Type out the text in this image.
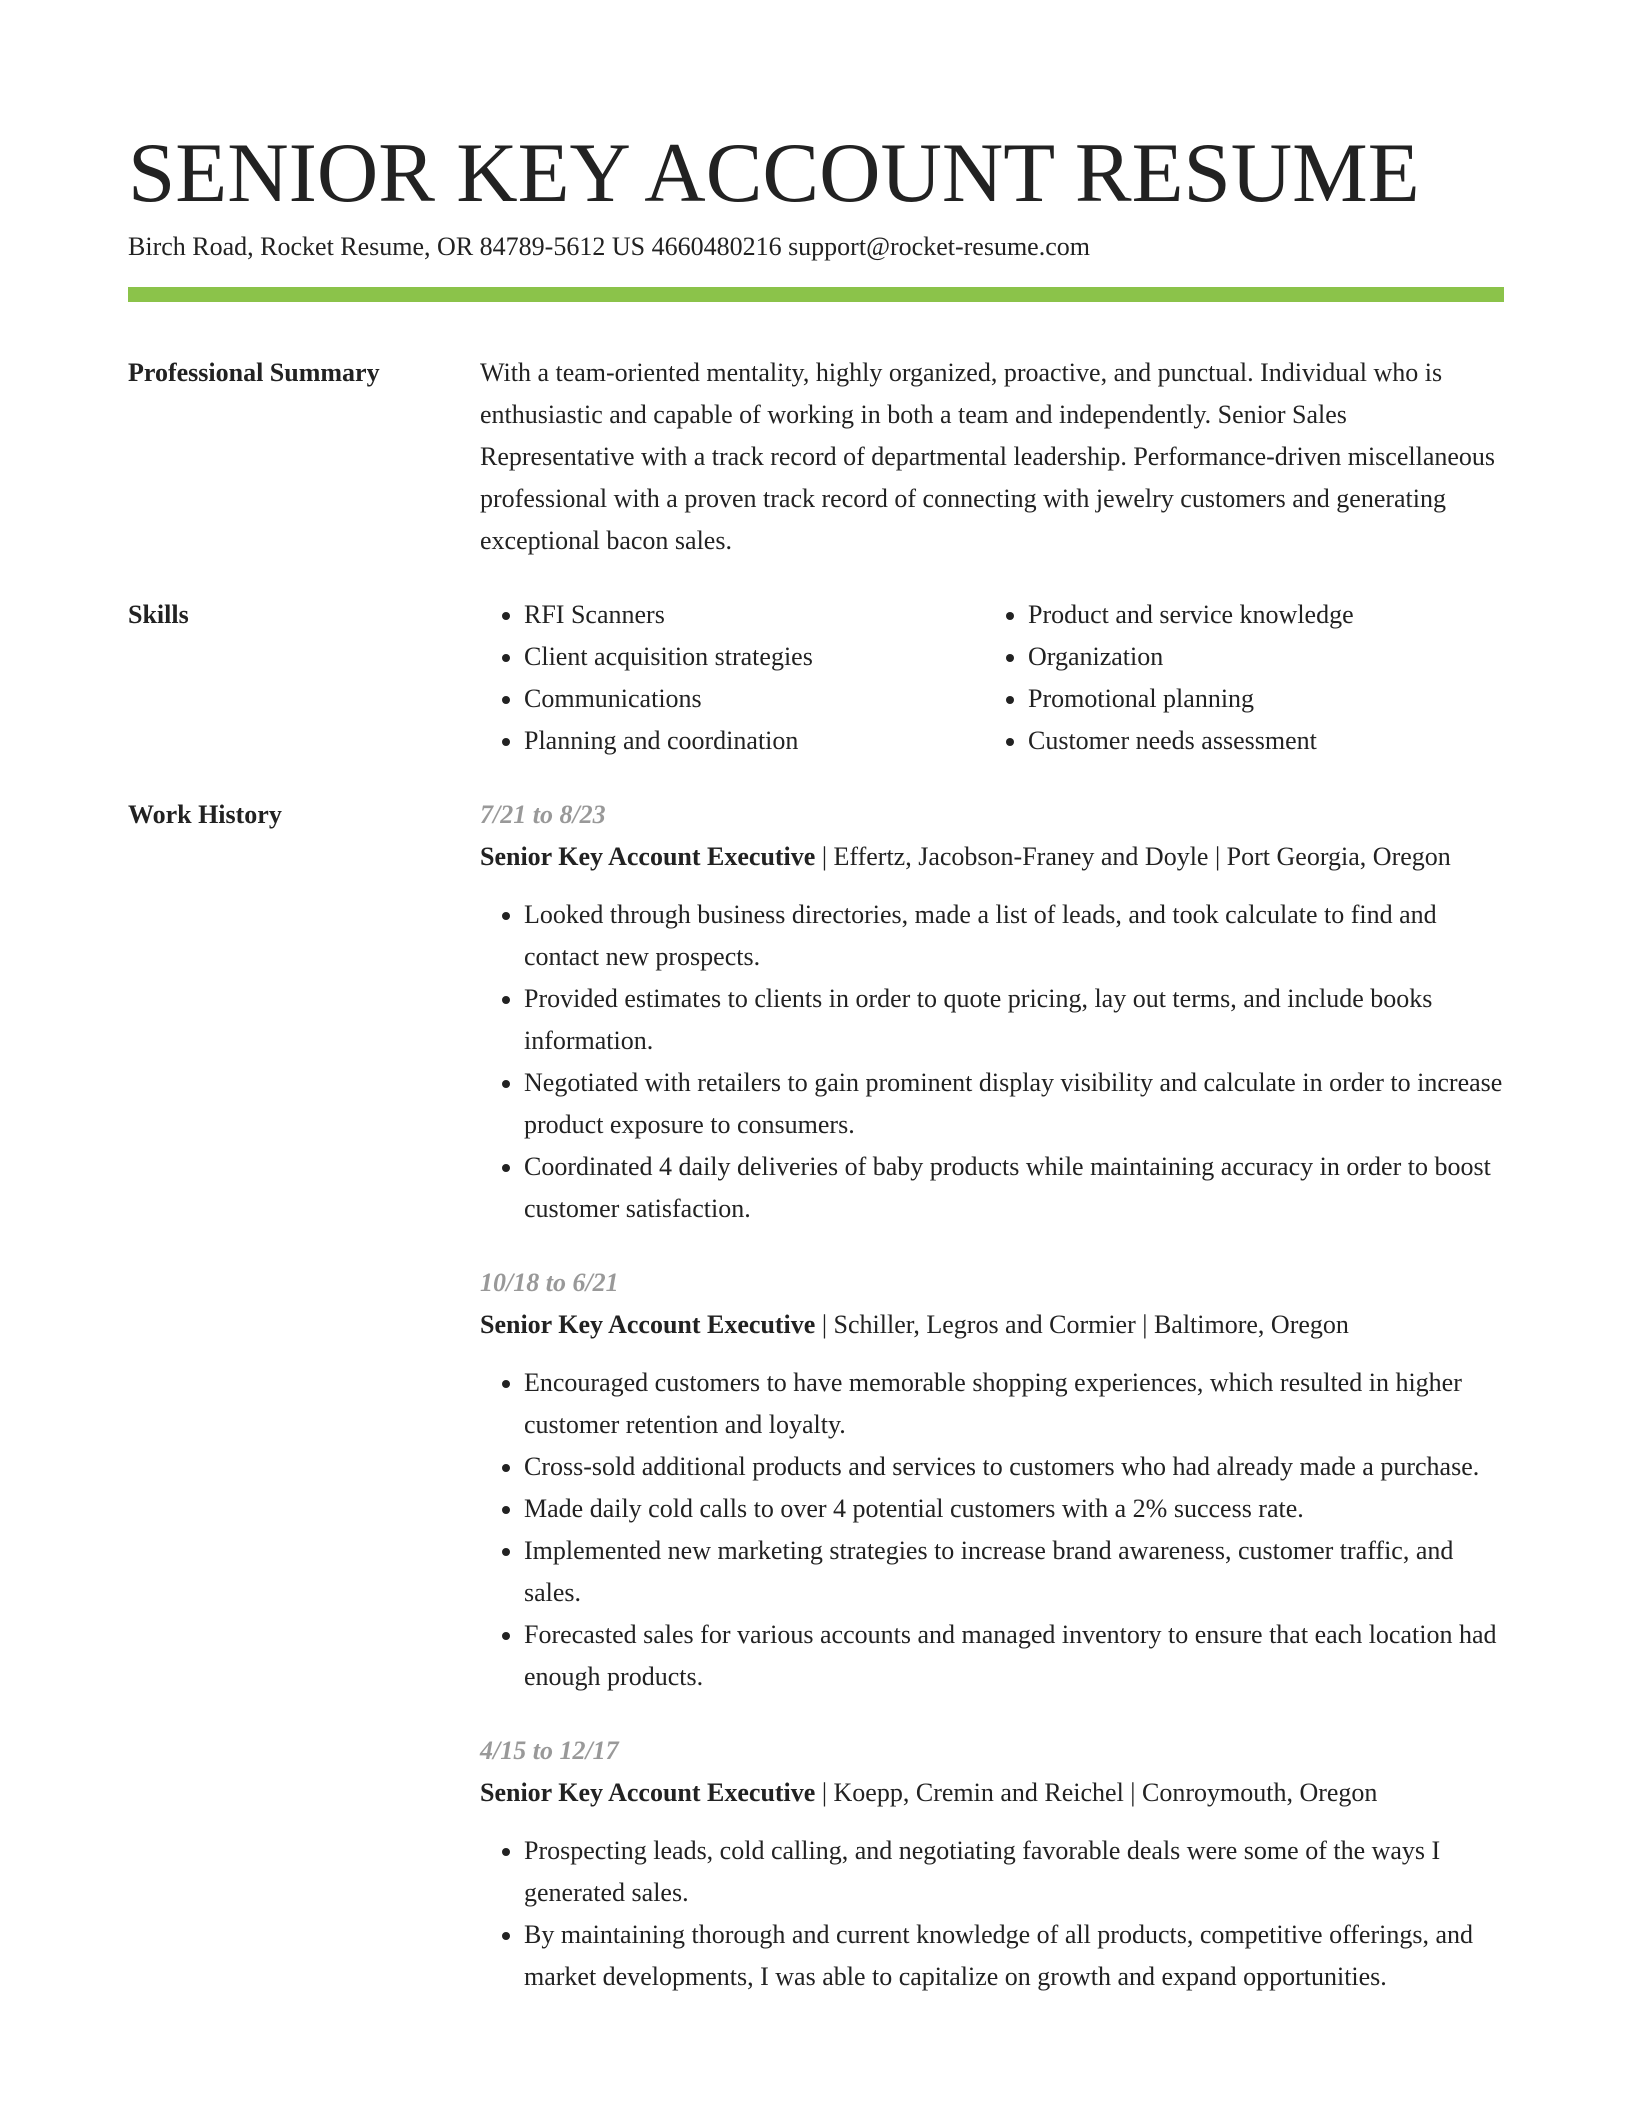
SENIOR KEY ACCOUNT RESUME
Birch Road, Rocket Resume, OR 84789-5612 US 4660480216 support@rocket-resume.com
Professional Summary	With a team-oriented mentality, highly organized, proactive, and punctual. Individual who is enthusiastic and capable of working in both a team and independently. Senior Sales Representative with a track record of departmental leadership. Performance-driven miscellaneous professional with a proven track record of connecting with jewelry customers and generating exceptional bacon sales.

Skills
•	RFI Scanners
• Client acquisition strategies
• Communications
• Planning and coordination
• Product and service knowledge
• Organization
• Promotional planning
• Customer needs assessment
Work History	7/21 to 8/23

Senior Key Account Executive | Effertz, Jacobson-Franey and Doyle | Port Georgia, Oregon

• Looked through business directories, made a list of leads, and took calculate to find and contact new prospects.
• Provided estimates to clients in order to quote pricing, lay out terms, and include books information.
• Negotiated with retailers to gain prominent display visibility and calculate in order to increase product exposure to consumers.
• Coordinated 4 daily deliveries of baby products while maintaining accuracy in order to boost customer satisfaction.
10/18 to 6/21

Senior Key Account Executive | Schiller, Legros and Cormier | Baltimore, Oregon

• Encouraged customers to have memorable shopping experiences, which resulted in higher customer retention and loyalty.
• Cross-sold additional products and services to customers who had already made a purchase.
• Made daily cold calls to over 4 potential customers with a 2% success rate.
• Implemented new marketing strategies to increase brand awareness, customer traffic, and sales.
• Forecasted sales for various accounts and managed inventory to ensure that each location had enough products.
4/15 to 12/17

Senior Key Account Executive | Koepp, Cremin and Reichel | Conroymouth, Oregon

• Prospecting leads, cold calling, and negotiating favorable deals were some of the ways I generated sales.
• By maintaining thorough and current knowledge of all products, competitive offerings, and market developments, I was able to capitalize on growth and expand opportunities.
